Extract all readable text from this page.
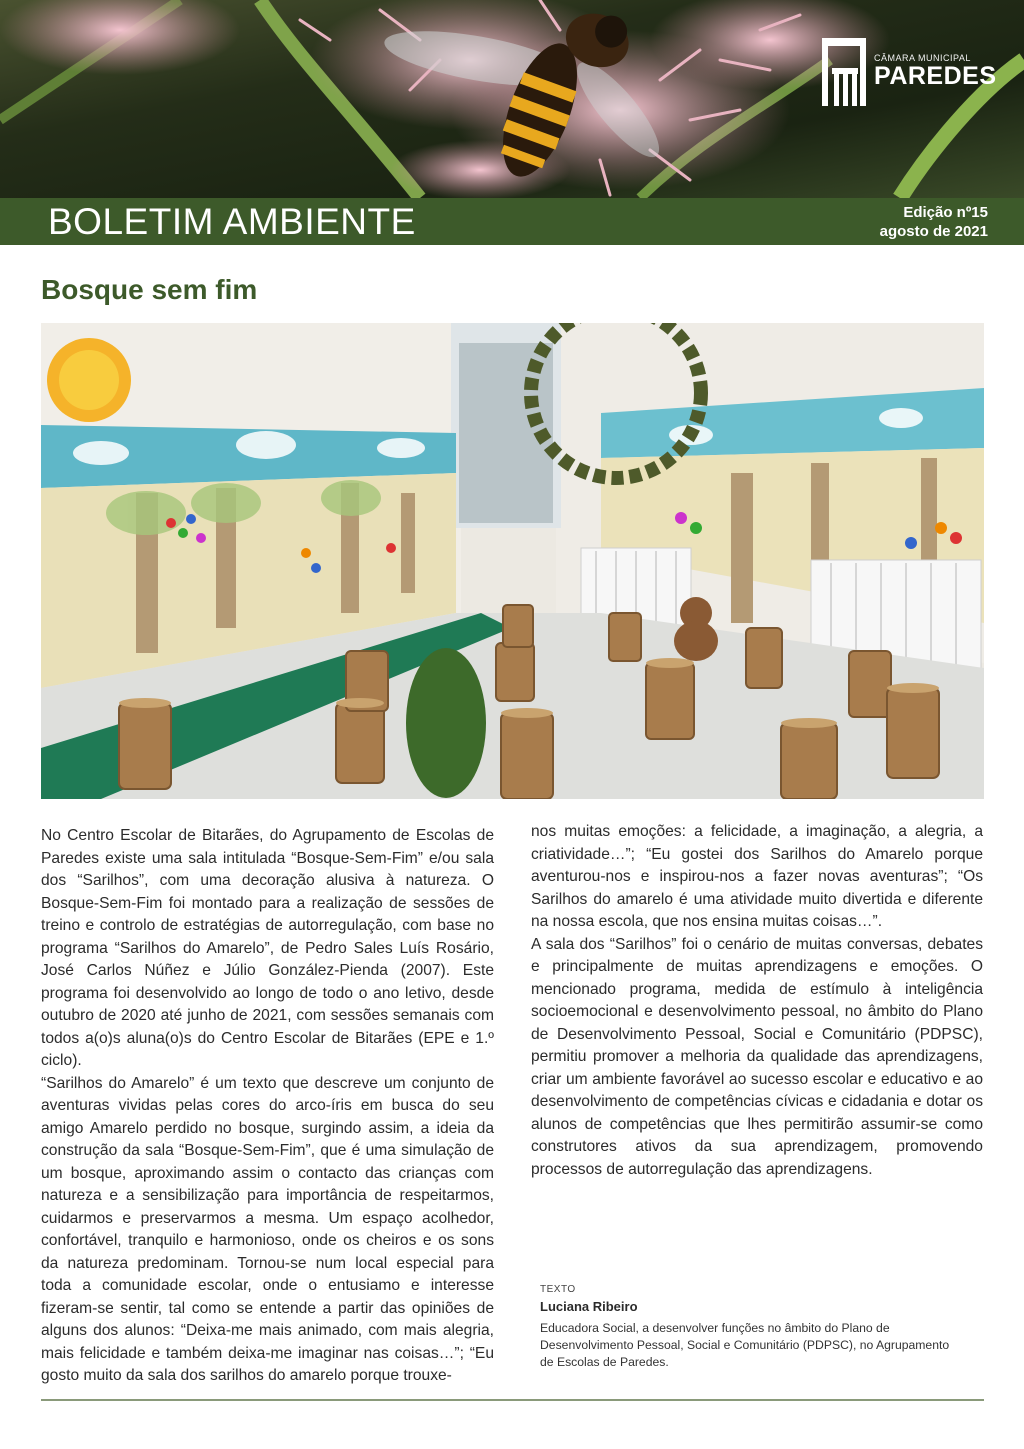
CÂMARA MUNICIPAL
PAREDES
BOLETIM AMBIENTE	Edição nº15
agosto de 2021
Bosque sem fim

No Centro Escolar de Bitarães, do Agrupamento de Escolas de Paredes existe uma sala intitulada “Bosque-Sem-Fim” e/ou sala dos “Sarilhos”, com uma decoração alusiva à natureza. O Bosque-Sem-Fim foi montado para a realização de sessões de treino e controlo de estratégias de autorregulação, com base no programa “Sarilhos do Amarelo”, de Pedro Sales Luís Rosário, José Carlos Núñez e Júlio González-Pienda (2007). Este programa foi desenvolvido ao longo de todo o ano letivo, desde outubro de 2020 até junho de 2021, com sessões semanais com todos a(o)s aluna(o)s do Centro Escolar de Bitarães (EPE e 1.º ciclo).

“Sarilhos do Amarelo” é um texto que descreve um conjunto de aventuras vividas pelas cores do arco-íris em busca do seu amigo Amarelo perdido no bosque, surgindo assim, a ideia da construção da sala “Bosque-Sem-Fim”, que é uma simulação de um bosque, aproximando assim o contacto das crianças com natureza e a sensibilização para importância de respeitarmos, cuidarmos e preservarmos a mesma. Um espaço acolhedor, confortável, tranquilo e harmonioso, onde os cheiros e os sons da natureza predominam. Tornou-se num local especial para toda a comunidade escolar, onde o entusiamo e interesse fizeram-se sentir, tal como se entende a partir das opiniões de alguns dos alunos: “Deixa-me mais animado, com mais alegria, mais felicidade e também deixa-me imaginar nas coisas…”; “Eu gosto muito da sala dos sarilhos do amarelo porque trouxe-

nos muitas emoções: a felicidade, a imaginação, a alegria, a criatividade…”; “Eu gostei dos Sarilhos do Amarelo porque aventurou-nos e inspirou-nos a fazer novas aventuras”; “Os Sarilhos do amarelo é uma atividade muito divertida e diferente na nossa escola, que nos ensina muitas coisas…”.

A sala dos “Sarilhos” foi o cenário de muitas conversas, debates e principalmente de muitas aprendizagens e emoções. O mencionado programa, medida de estímulo à inteligência socioemocional e desenvolvimento pessoal, no âmbito do Plano de Desenvolvimento Pessoal, Social e Comunitário (PDPSC), permitiu promover a melhoria da qualidade das aprendizagens, criar um ambiente favorável ao sucesso escolar e educativo e ao desenvolvimento de competências cívicas e cidadania e dotar os alunos de competências que lhes permitirão assumir-se como construtores ativos da sua aprendizagem, promovendo processos de autorregulação das aprendizagens.

TEXTO
Luciana Ribeiro
Educadora Social, a desenvolver funções no âmbito do Plano de Desenvolvimento Pessoal, Social e Comunitário (PDPSC), no Agrupamento de Escolas de Paredes.
